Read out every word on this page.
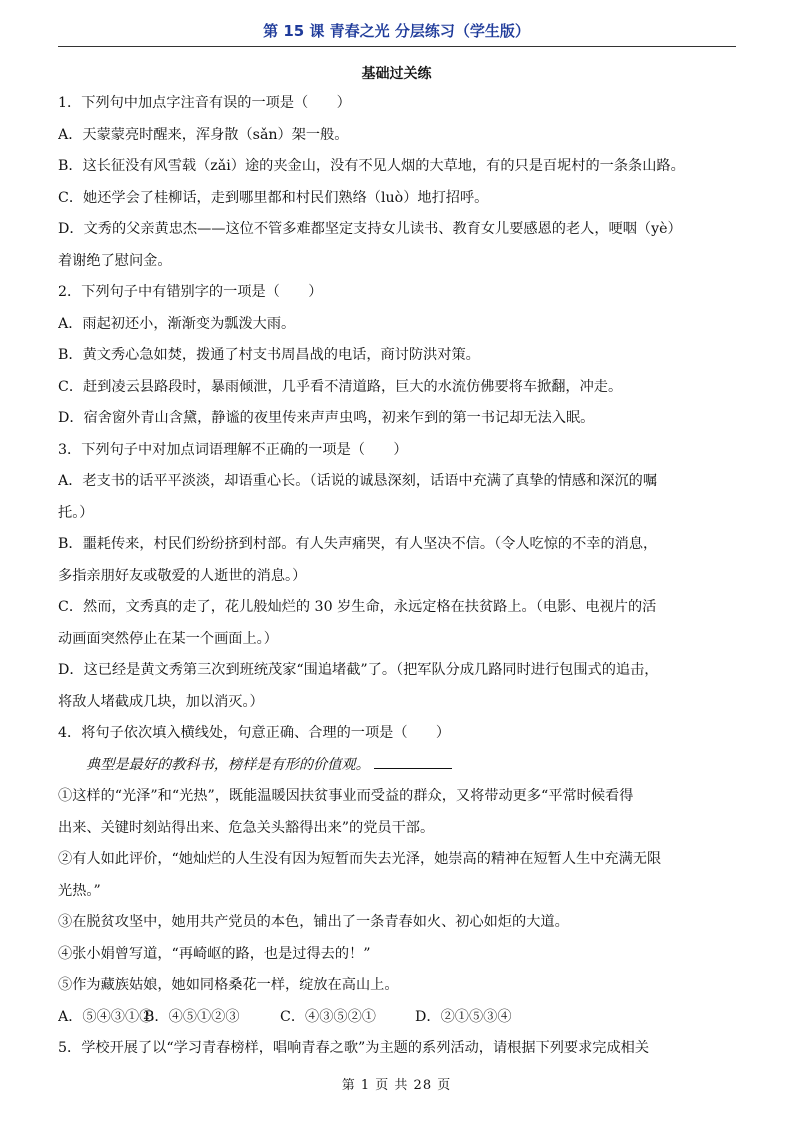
第 15 课 青春之光 分层练习（学生版）
基础过关练

1．下列句中加点字注音有误的一项是（　　）

A．天蒙蒙亮时醒来，浑身散（sǎn）架一般。

B．这长征没有风雪载（zǎi）途的夹金山，没有不见人烟的大草地，有的只是百坭村的一条条山路。

C．她还学会了桂柳话，走到哪里都和村民们熟络（luò）地打招呼。

D．文秀的父亲黄忠杰——这位不管多难都坚定支持女儿读书、教育女儿要感恩的老人，哽咽（yè）

着谢绝了慰问金。

2．下列句子中有错别字的一项是（　　）

A．雨起初还小，渐渐变为瓢泼大雨。

B．黄文秀心急如焚，拨通了村支书周昌战的电话，商讨防洪对策。

C．赶到凌云县路段时，暴雨倾泄，几乎看不清道路，巨大的水流仿佛要将车掀翻，冲走。

D．宿舍窗外青山含黛，静谧的夜里传来声声虫鸣，初来乍到的第一书记却无法入眠。

3．下列句子中对加点词语理解不正确的一项是（　　）

A．老支书的话平平淡淡，却语重心长。（话说的诚恳深刻，话语中充满了真挚的情感和深沉的嘱

托。）

B．噩耗传来，村民们纷纷挤到村部。有人失声痛哭，有人坚决不信。（令人吃惊的不幸的消息，

多指亲朋好友或敬爱的人逝世的消息。）

C．然而，文秀真的走了，花儿般灿烂的 30 岁生命，永远定格在扶贫路上。（电影、电视片的活

动画面突然停止在某一个画面上。）

D．这已经是黄文秀第三次到班统茂家“围追堵截”了。（把军队分成几路同时进行包围式的追击，

将敌人堵截成几块，加以消灭。）

4．将句子依次填入横线处，句意正确、合理的一项是（　　）

典型是最好的教科书，榜样是有形的价值观。

①这样的“光泽”和“光热”，既能温暖因扶贫事业而受益的群众，又将带动更多“平常时候看得

出来、关键时刻站得出来、危急关头豁得出来”的党员干部。

②有人如此评价，“她灿烂的人生没有因为短暂而失去光泽，她崇高的精神在短暂人生中充满无限

光热。”

③在脱贫攻坚中，她用共产党员的本色，铺出了一条青春如火、初心如炬的大道。

④张小娟曾写道，“再崎岖的路，也是过得去的！”

⑤作为藏族姑娘，她如同格桑花一样，绽放在高山上。

A．⑤④③①②B．④⑤①②③	C．④③⑤②①	D．②①⑤③④

5．学校开展了以“学习青春榜样，唱响青春之歌”为主题的系列活动，请根据下列要求完成相关

第 1 页 共 28 页
